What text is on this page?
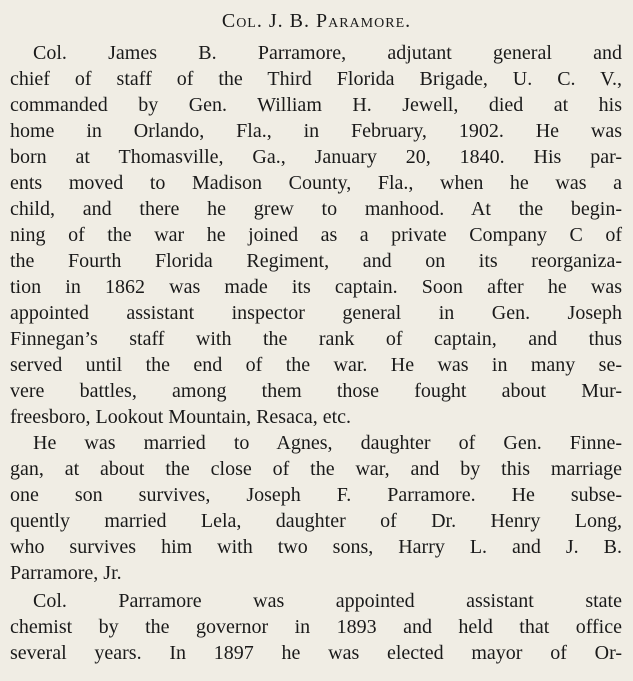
Col. J. B. Paramore.
Col. James B. Parramore, adjutant general and
chief of staff of the Third Florida Brigade, U. C. V.,
commanded by Gen. William H. Jewell, died at his
home in Orlando, Fla., in February, 1902. He was
born at Thomasville, Ga., January 20, 1840. His par-
ents moved to Madison County, Fla., when he was a
child, and there he grew to manhood. At the begin-
ning of the war he joined as a private Company C of
the Fourth Florida Regiment, and on its reorganiza-
tion in 1862 was made its captain. Soon after he was
appointed assistant inspector general in Gen. Joseph
Finnegan’s staff with the rank of captain, and thus
served until the end of the war. He was in many se-
vere battles, among them those fought about Mur-
freesboro, Lookout Mountain, Resaca, etc.
He was married to Agnes, daughter of Gen. Finne-
gan, at about the close of the war, and by this marriage
one son survives, Joseph F. Parramore. He subse-
quently married Lela, daughter of Dr. Henry Long,
who survives him with two sons, Harry L. and J. B.
Parramore, Jr.
Col. Parramore was appointed assistant state
chemist by the governor in 1893 and held that office
several years. In 1897 he was elected mayor of Or-
